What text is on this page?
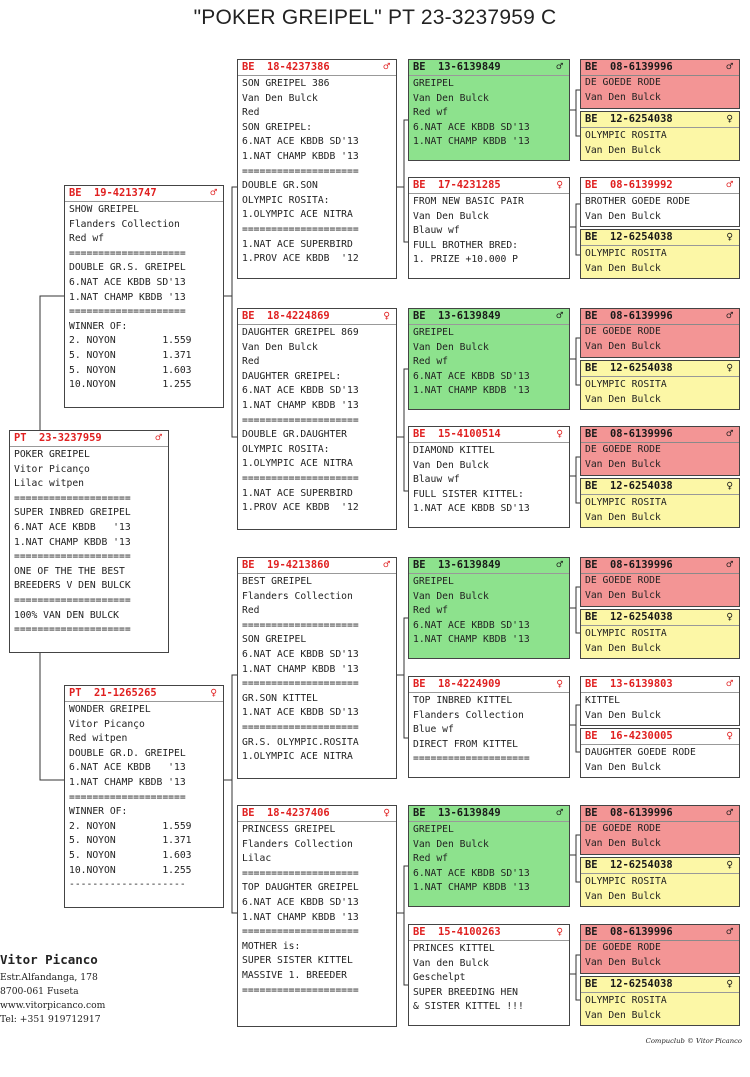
"POKER GREIPEL" PT 23-3237959 C
PT  23-3237959	♂
POKER GREIPEL
Vitor Picanço
Lilac witpen
====================
SUPER INBRED GREIPEL
6.NAT ACE KBDB   '13
1.NAT CHAMP KBDB '13
====================
ONE OF THE THE BEST
BREEDERS V DEN BULCK
====================
100% VAN DEN BULCK
====================
BE  19-4213747	♂
SHOW GREIPEL
Flanders Collection
Red wf
====================
DOUBLE GR.S. GREIPEL
6.NAT ACE KBDB SD'13
1.NAT CHAMP KBDB '13
====================
WINNER OF:
2. NOYON        1.559
5. NOYON        1.371
5. NOYON        1.603
10.NOYON        1.255
PT  21-1265265	♀
WONDER GREIPEL
Vitor Picanço
Red witpen
DOUBLE GR.D. GREIPEL
6.NAT ACE KBDB   '13
1.NAT CHAMP KBDB '13
====================
WINNER OF:
2. NOYON        1.559
5. NOYON        1.371
5. NOYON        1.603
10.NOYON        1.255
--------------------
BE  18-4237386	♂
SON GREIPEL 386
Van Den Bulck
Red
SON GREIPEL:
6.NAT ACE KBDB SD'13
1.NAT CHAMP KBDB '13
====================
DOUBLE GR.SON
OLYMPIC ROSITA:
1.OLYMPIC ACE NITRA
====================
1.NAT ACE SUPERBIRD
1.PROV ACE KBDB  '12
BE  18-4224869	♀
DAUGHTER GREIPEL 869
Van Den Bulck
Red
DAUGHTER GREIPEL:
6.NAT ACE KBDB SD'13
1.NAT CHAMP KBDB '13
====================
DOUBLE GR.DAUGHTER
OLYMPIC ROSITA:
1.OLYMPIC ACE NITRA
====================
1.NAT ACE SUPERBIRD
1.PROV ACE KBDB  '12
BE  19-4213860	♂
BEST GREIPEL
Flanders Collection
Red
====================
SON GREIPEL
6.NAT ACE KBDB SD'13
1.NAT CHAMP KBDB '13
====================
GR.SON KITTEL
1.NAT ACE KBDB SD'13
====================
GR.S. OLYMPIC.ROSITA
1.OLYMPIC ACE NITRA
BE  18-4237406	♀
PRINCESS GREIPEL
Flanders Collection
Lilac
====================
TOP DAUGHTER GREIPEL
6.NAT ACE KBDB SD'13
1.NAT CHAMP KBDB '13
====================
MOTHER is:
SUPER SISTER KITTEL
MASSIVE 1. BREEDER
====================
BE  13-6139849	♂
GREIPEL
Van Den Bulck
Red wf
6.NAT ACE KBDB SD'13
1.NAT CHAMP KBDB '13
BE  17-4231285	♀
FROM NEW BASIC PAIR
Van Den Bulck
Blauw wf
FULL BROTHER BRED:
1. PRIZE +10.000 P
BE  13-6139849	♂
GREIPEL
Van Den Bulck
Red wf
6.NAT ACE KBDB SD'13
1.NAT CHAMP KBDB '13
BE  15-4100514	♀
DIAMOND KITTEL
Van Den Bulck
Blauw wf
FULL SISTER KITTEL:
1.NAT ACE KBDB SD'13
BE  13-6139849	♂
GREIPEL
Van Den Bulck
Red wf
6.NAT ACE KBDB SD'13
1.NAT CHAMP KBDB '13
BE  18-4224909	♀
TOP INBRED KITTEL
Flanders Collection
Blue wf
DIRECT FROM KITTEL
====================
BE  13-6139849	♂
GREIPEL
Van Den Bulck
Red wf
6.NAT ACE KBDB SD'13
1.NAT CHAMP KBDB '13
BE  15-4100263	♀
PRINCES KITTEL
Van den Bulck
Geschelpt
SUPER BREEDING HEN
& SISTER KITTEL !!!
BE  08-6139996	♂
DE GOEDE RODE
Van Den Bulck
BE  12-6254038	♀
OLYMPIC ROSITA
Van Den Bulck
BE  08-6139992	♂
BROTHER GOEDE RODE
Van Den Bulck
BE  12-6254038	♀
OLYMPIC ROSITA
Van Den Bulck
BE  08-6139996	♂
DE GOEDE RODE
Van Den Bulck
BE  12-6254038	♀
OLYMPIC ROSITA
Van Den Bulck
BE  08-6139996	♂
DE GOEDE RODE
Van Den Bulck
BE  12-6254038	♀
OLYMPIC ROSITA
Van Den Bulck
BE  08-6139996	♂
DE GOEDE RODE
Van Den Bulck
BE  12-6254038	♀
OLYMPIC ROSITA
Van Den Bulck
BE  13-6139803	♂
KITTEL
Van Den Bulck
BE  16-4230005	♀
DAUGHTER GOEDE RODE
Van Den Bulck
BE  08-6139996	♂
DE GOEDE RODE
Van Den Bulck
BE  12-6254038	♀
OLYMPIC ROSITA
Van Den Bulck
BE  08-6139996	♂
DE GOEDE RODE
Van Den Bulck
BE  12-6254038	♀
OLYMPIC ROSITA
Van Den Bulck
Vitor Picanco
Estr.Alfandanga, 178
8700-061 Fuseta
www.vitorpicanco.com
Tel: +351 919712917
Compuclub © Vitor Picanco
